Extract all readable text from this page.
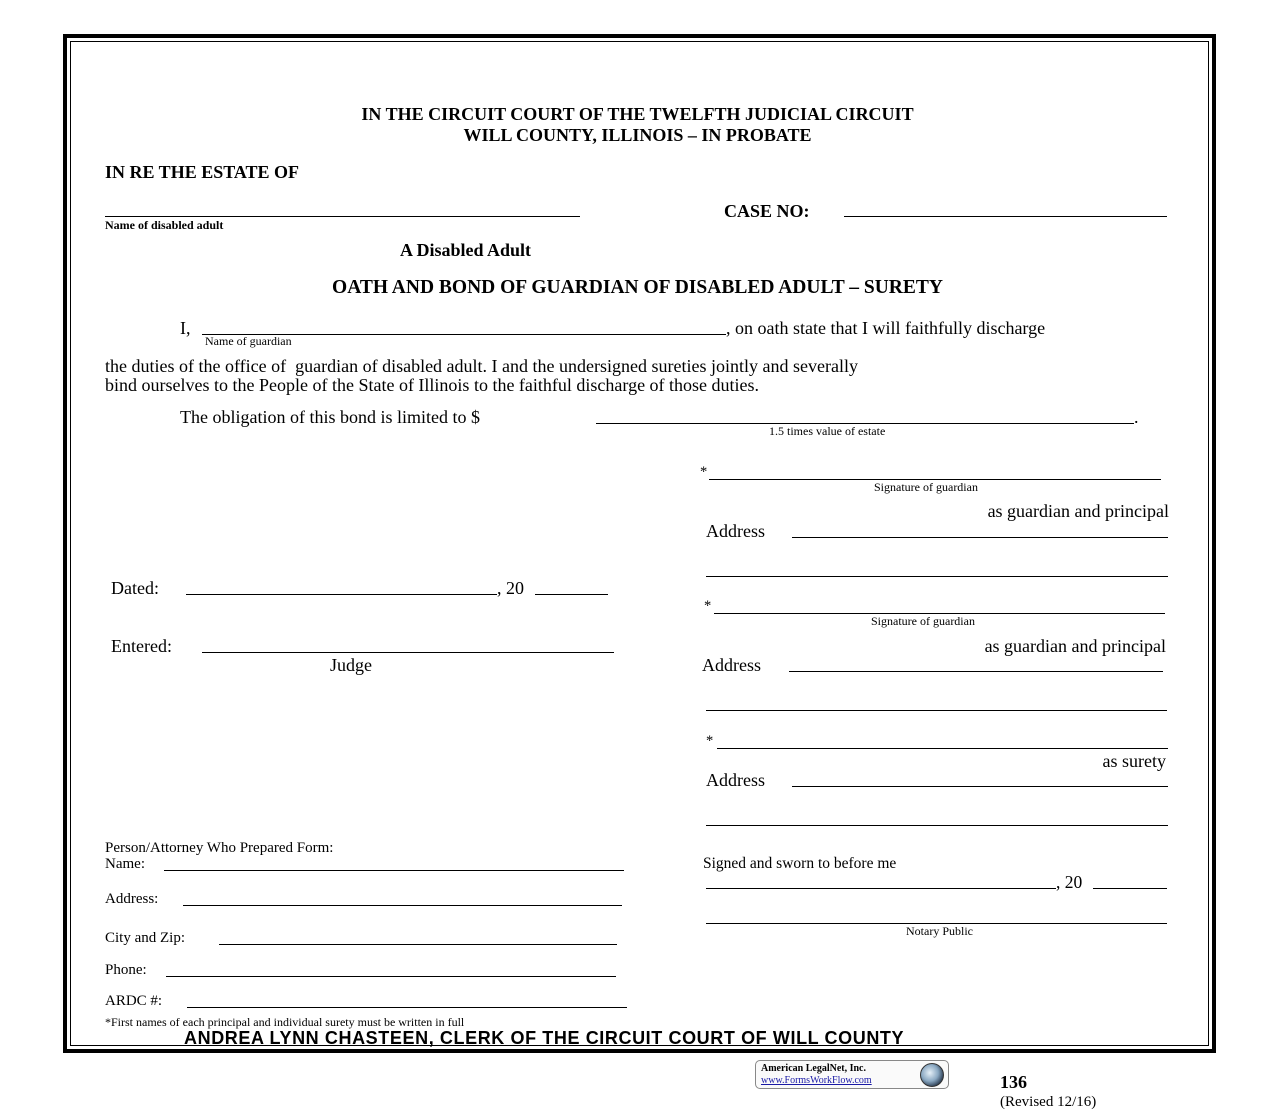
IN THE CIRCUIT COURT OF THE TWELFTH JUDICIAL CIRCUIT
WILL COUNTY, ILLINOIS – IN PROBATE
IN RE THE ESTATE OF
Name of disabled adult
CASE NO:
A Disabled Adult
OATH AND BOND OF GUARDIAN OF DISABLED ADULT – SURETY
I,
Name of guardian
, on oath state that I will faithfully discharge
the duties of the office of  guardian of disabled adult. I and the undersigned sureties jointly and severally
bind ourselves to the People of the State of Illinois to the faithful discharge of those duties.
The obligation of this bond is limited to $	.
1.5 times value of estate
*
Signature of guardian
as guardian and principal
Address
*
Signature of guardian
as guardian and principal
Address
*
as surety
Address
Dated:	, 20
Entered:
Judge
Signed and sworn to before me
, 20
Notary Public
Person/Attorney Who Prepared Form:
Name:
Address:
City and Zip:
Phone:
ARDC #:
*First names of each principal and individual surety must be written in full
ANDREA LYNN CHASTEEN, CLERK OF THE CIRCUIT COURT OF WILL COUNTY
American LegalNet, Inc.
www.FormsWorkFlow.com	136
(Revised 12/16)
